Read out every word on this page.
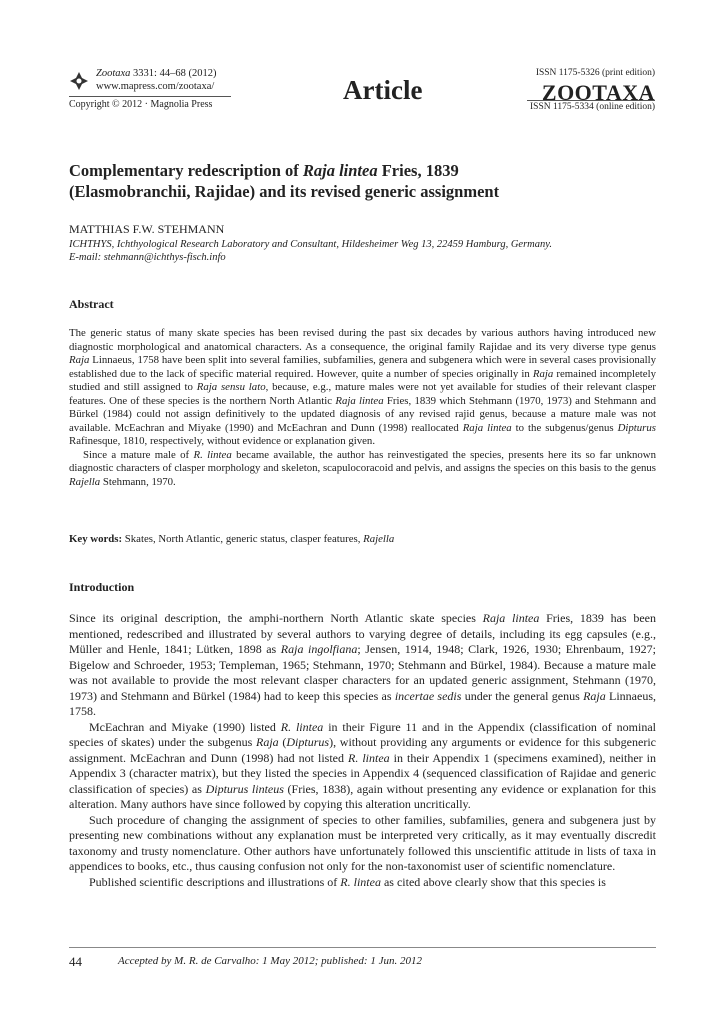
Zootaxa 3331: 44–68 (2012)
www.mapress.com/zootaxa/
Copyright © 2012 · Magnolia Press	Article
ISSN 1175-5326 (print edition)
ZOOTAXA
ISSN 1175-5334 (online edition)
Complementary redescription of Raja lintea Fries, 1839
(Elasmobranchii, Rajidae) and its revised generic assignment
MATTHIAS F.W. STEHMANN
ICHTHYS, Ichthyological Research Laboratory and Consultant, Hildesheimer Weg 13, 22459 Hamburg, Germany.
E-mail: stehmann@ichthys-fisch.info
Abstract

The generic status of many skate species has been revised during the past six decades by various authors having introduced new diagnostic morphological and anatomical characters. As a consequence, the original family Rajidae and its very diverse type genus Raja Linnaeus, 1758 have been split into several families, subfamilies, genera and subgenera which were in several cases provisionally established due to the lack of specific material required. However, quite a number of species originally in Raja remained incompletely studied and still assigned to Raja sensu lato, because, e.g., mature males were not yet available for studies of their relevant clasper features. One of these species is the northern North Atlantic Raja lintea Fries, 1839 which Stehmann (1970, 1973) and Stehmann and Bürkel (1984) could not assign definitively to the updated diagnosis of any revised rajid genus, because a mature male was not available. McEachran and Miyake (1990) and McEachran and Dunn (1998) reallocated Raja lintea to the subgenus/genus Dipturus Rafinesque, 1810, respectively, without evidence or explanation given.

Since a mature male of R. lintea became available, the author has reinvestigated the species, presents here its so far unknown diagnostic characters of clasper morphology and skeleton, scapulocoracoid and pelvis, and assigns the species on this basis to the genus Rajella Stehmann, 1970.

Key words: Skates, North Atlantic, generic status, clasper features, Rajella
Introduction

Since its original description, the amphi-northern North Atlantic skate species Raja lintea Fries, 1839 has been mentioned, redescribed and illustrated by several authors to varying degree of details, including its egg capsules (e.g., Müller and Henle, 1841; Lütken, 1898 as Raja ingolfiana; Jensen, 1914, 1948; Clark, 1926, 1930; Ehrenbaum, 1927; Bigelow and Schroeder, 1953; Templeman, 1965; Stehmann, 1970; Stehmann and Bürkel, 1984). Because a mature male was not available to provide the most relevant clasper characters for an updated generic assignment, Stehmann (1970, 1973) and Stehmann and Bürkel (1984) had to keep this species as incertae sedis under the general genus Raja Linnaeus, 1758.

McEachran and Miyake (1990) listed R. lintea in their Figure 11 and in the Appendix (classification of nominal species of skates) under the subgenus Raja (Dipturus), without providing any arguments or evidence for this subgeneric assignment. McEachran and Dunn (1998) had not listed R. lintea in their Appendix 1 (specimens examined), neither in Appendix 3 (character matrix), but they listed the species in Appendix 4 (sequenced classification of Rajidae and generic classification of species) as Dipturus linteus (Fries, 1838), again without presenting any evidence or explanation for this alteration. Many authors have since followed by copying this alteration uncritically.

Such procedure of changing the assignment of species to other families, subfamilies, genera and subgenera just by presenting new combinations without any explanation must be interpreted very critically, as it may eventually discredit taxonomy and trusty nomenclature. Other authors have unfortunately followed this unscientific attitude in lists of taxa in appendices to books, etc., thus causing confusion not only for the non-taxonomist user of scientific nomenclature.

Published scientific descriptions and illustrations of R. lintea as cited above clearly show that this species is

44	Accepted by M. R. de Carvalho: 1 May 2012; published: 1 Jun. 2012
